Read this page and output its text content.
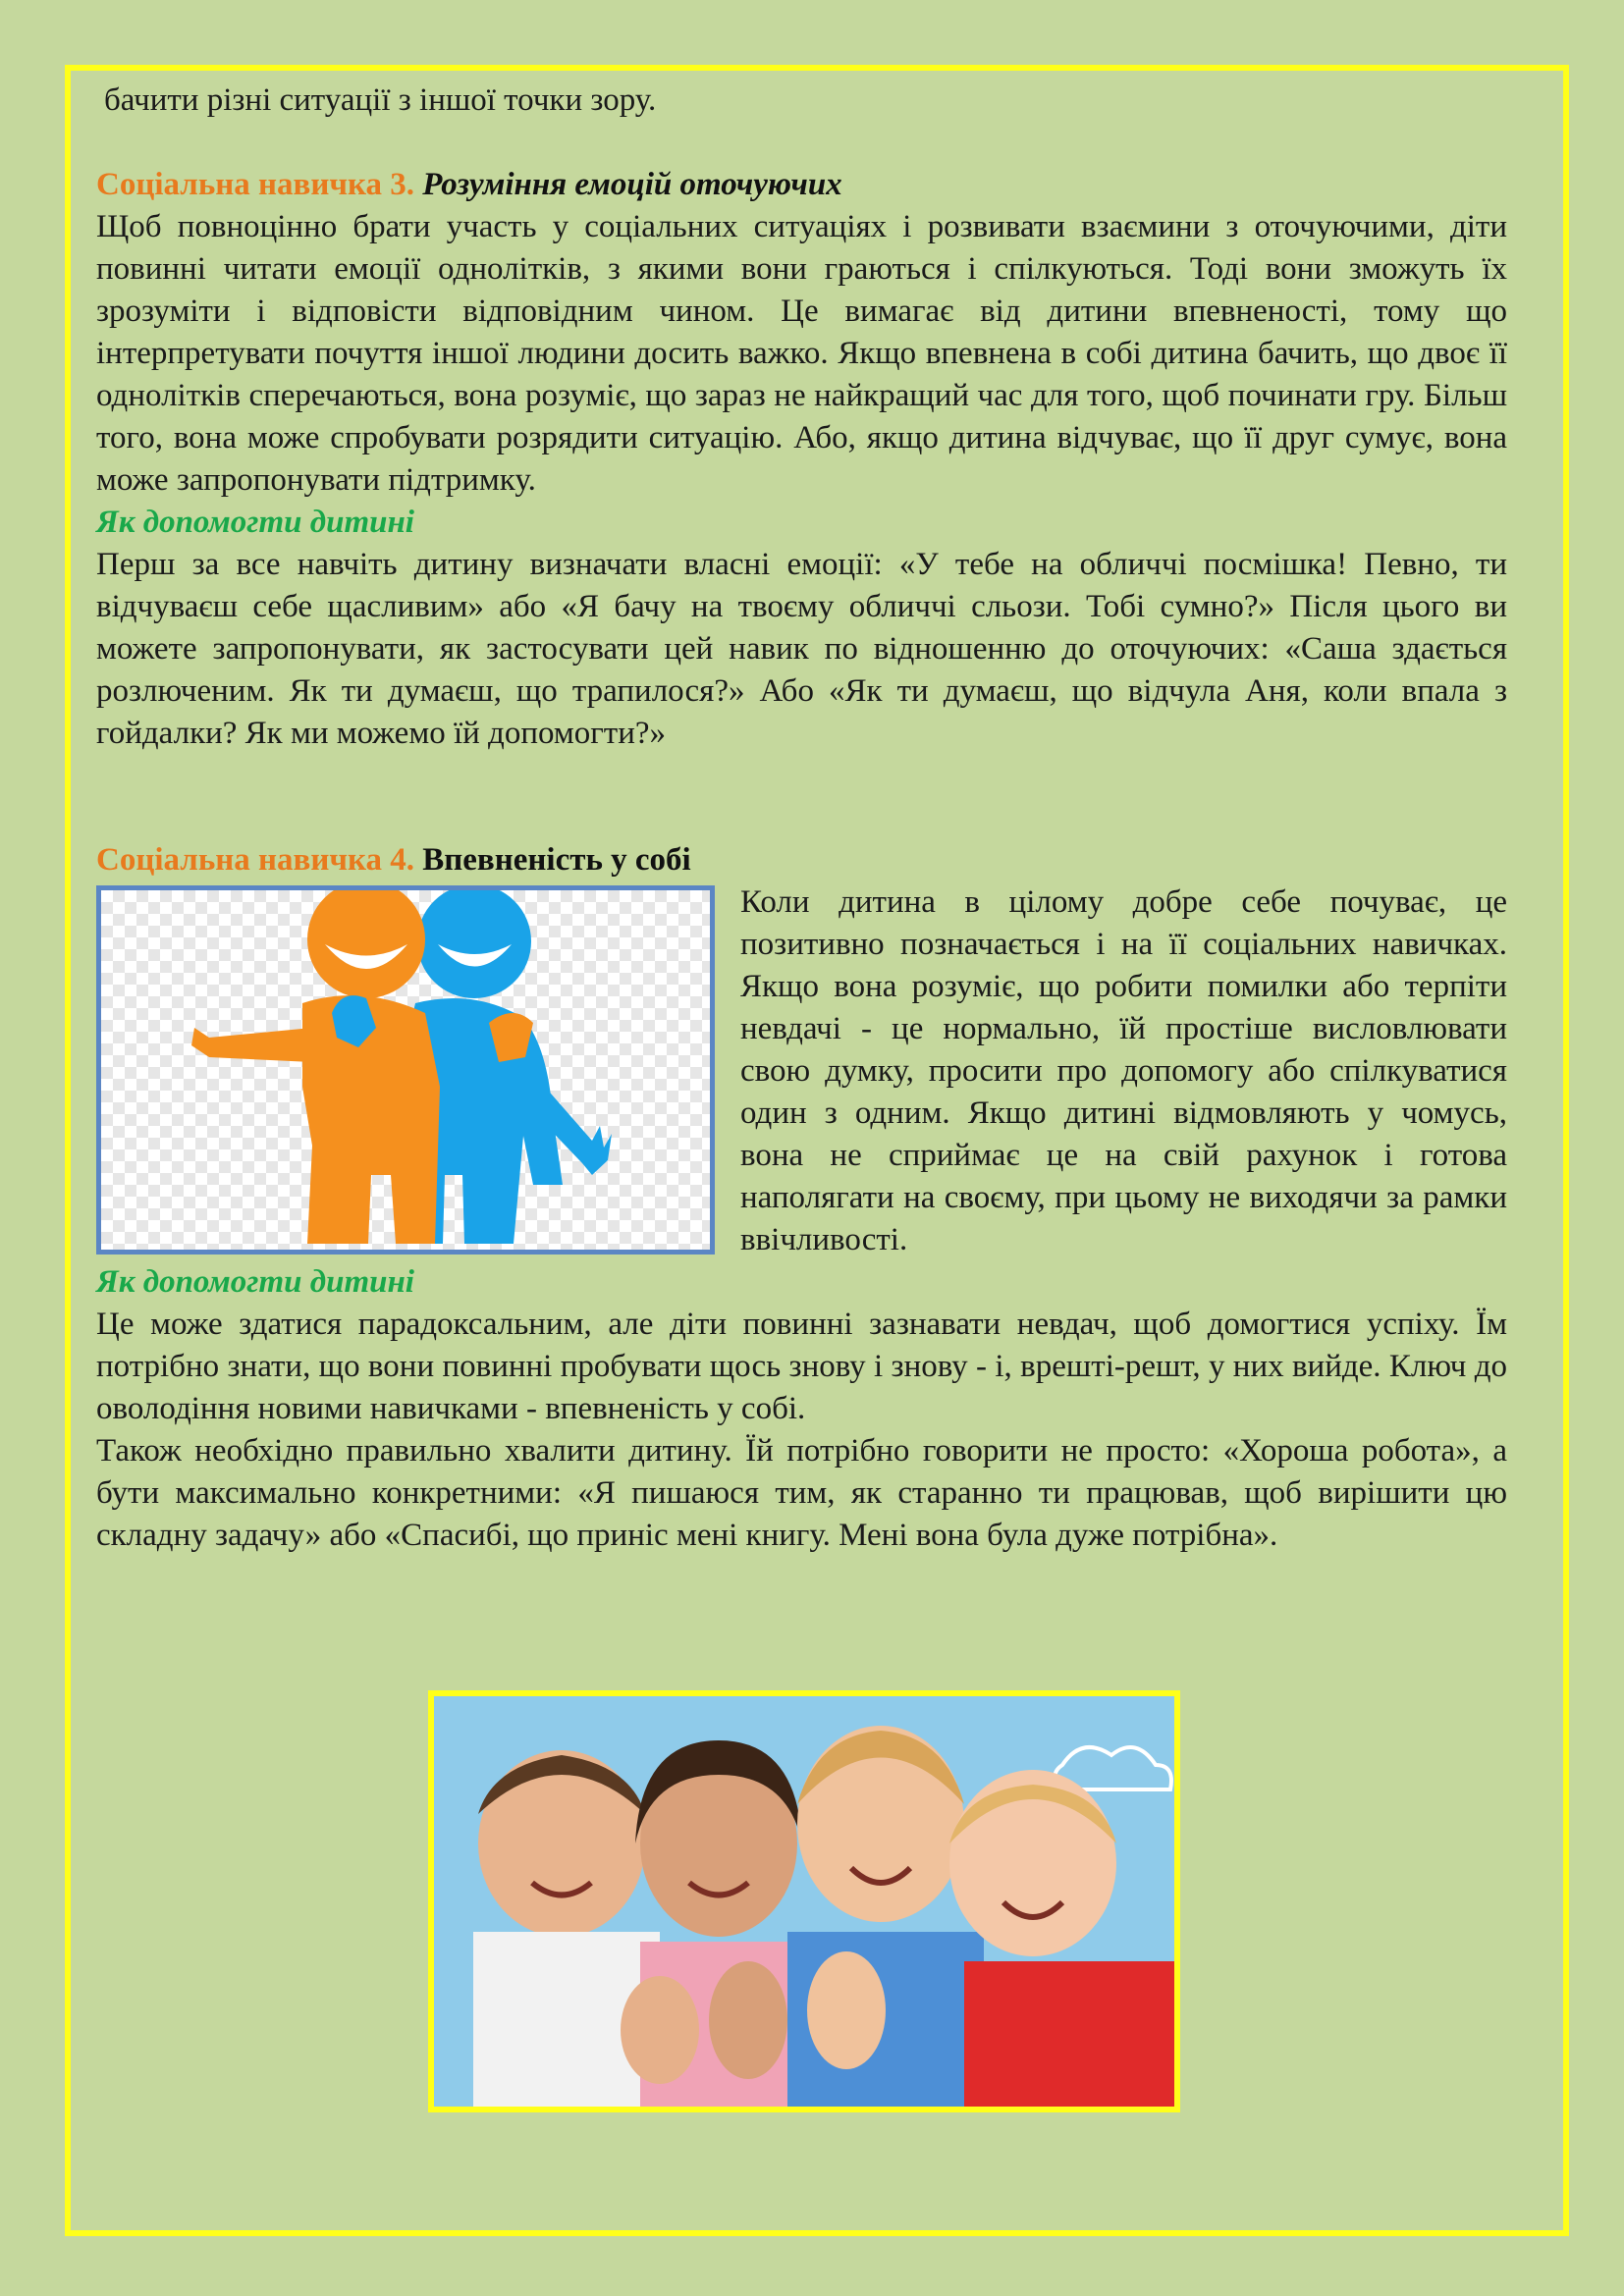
бачити різні ситуації з іншої точки зору.

Соціальна навичка 3. Розуміння емоцій оточуючих

Щоб повноцінно брати участь у соціальних ситуаціях і розвивати взаємини з оточуючими, діти повинні читати емоції однолітків, з якими вони граються і спілкуються. Тоді вони зможуть їх зрозуміти і відповісти відповідним чином. Це вимагає від дитини впевненості, тому що інтерпретувати почуття іншої людини досить важко. Якщо впевнена в собі дитина бачить, що двоє її однолітків сперечаються, вона розуміє, що зараз не найкращий час для того, щоб починати гру. Більш того, вона може спробувати розрядити ситуацію. Або, якщо дитина відчуває, що її друг сумує, вона може запропонувати підтримку.

Як допомогти дитині

Перш за все навчіть дитину визначати власні емоції: «У тебе на обличчі посмішка! Певно, ти відчуваєш себе щасливим» або «Я бачу на твоєму обличчі сльози. Тобі сумно?» Після цього ви можете запропонувати, як застосувати цей навик по відношенню до оточуючих: «Саша здається розлюченим. Як ти думаєш, що трапилося?» Або «Як ти думаєш, що відчула Аня, коли впала з гойдалки? Як ми можемо їй допомогти?»

Соціальна навичка 4. Впевненість у собі

Коли дитина в цілому добре себе почуває, це позитивно позначається і на її соціальних навичках. Якщо вона розуміє, що робити помилки або терпіти невдачі - це нормально, їй простіше висловлювати свою думку, просити про допомогу або спілкуватися один з одним. Якщо дитині відмовляють у чомусь, вона не сприймає це на свій рахунок і готова наполягати на своєму, при цьому не виходячи за рамки ввічливості.

Як допомогти дитині

Це може здатися парадоксальним, але діти повинні зазнавати невдач, щоб домогтися успіху. Їм потрібно знати, що вони повинні пробувати щось знову і знову - і, врешті-решт, у них вийде. Ключ до оволодіння новими навичками - впевненість у собі.

Також необхідно правильно хвалити дитину. Їй потрібно говорити не просто: «Хороша робота», а бути максимально конкретними: «Я пишаюся тим, як старанно ти працював, щоб вирішити цю складну задачу» або «Спасибі, що приніс мені книгу. Мені вона була дуже потрібна».
